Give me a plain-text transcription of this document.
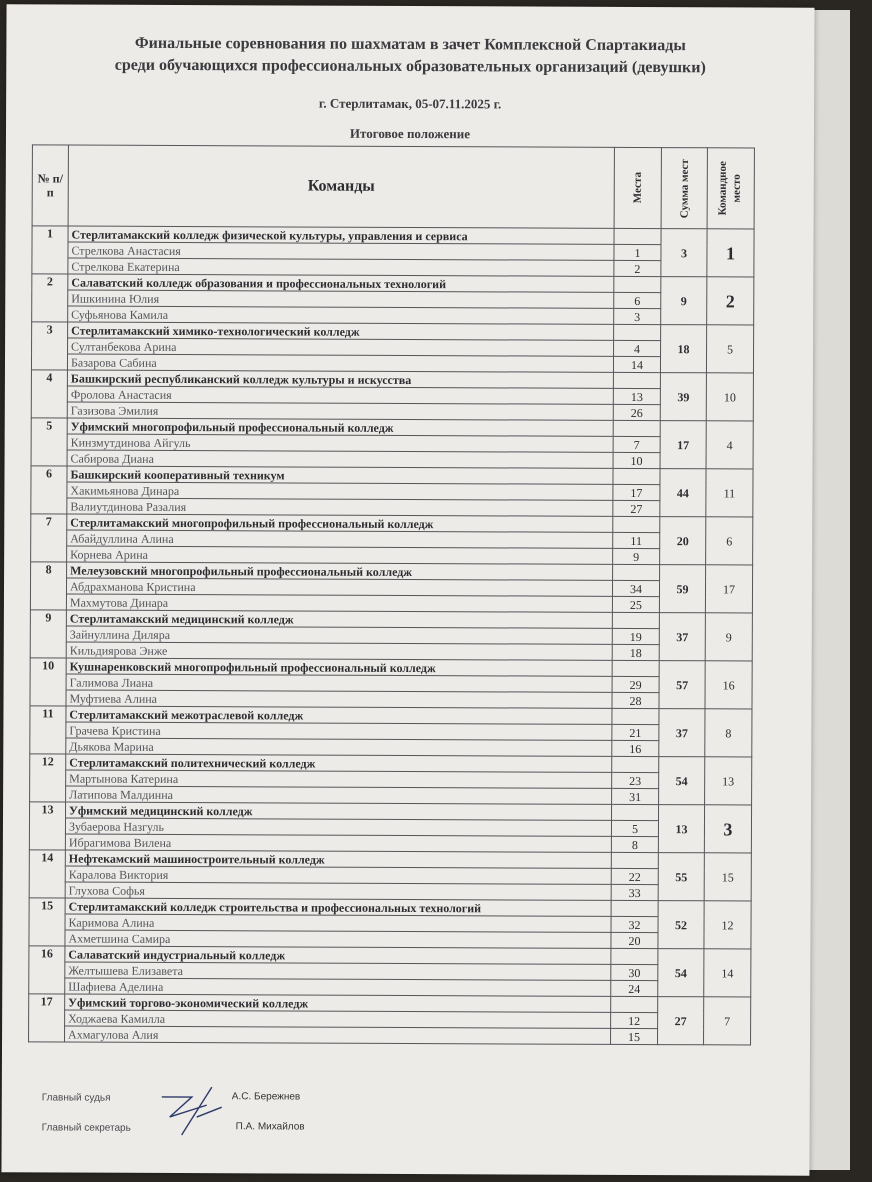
Финальные соревнования по шахматам в зачет Комплексной Спартакиады
среди обучающихся профессиональных образовательных организаций (девушки)
г. Стерлитамак, 05-07.11.2025 г.
Итоговое положение
№ п/п	Команды	Места	Сумма мест	Командное место

1	Стерлитамакский колледж физической культуры, управления и сервиса		3	1
	Стрелкова Анастасия	1		
	Стрелкова Екатерина	2		
2	Салаватский колледж образования и профессиональных технологий		9	2
	Ишкинина Юлия	6		
	Суфьянова Камила	3		
3	Стерлитамакский химико-технологический колледж		18	5
	Султанбекова Арина	4		
	Базарова Сабина	14		
4	Башкирский республиканский колледж культуры и искусства		39	10
	Фролова Анастасия	13		
	Газизова Эмилия	26		
5	Уфимский многопрофильный профессиональный колледж		17	4
	Кинзмутдинова Айгуль	7		
	Сабирова Диана	10		
6	Башкирский кооперативный техникум		44	11
	Хакимьянова Динара	17		
	Валиутдинова Разалия	27		
7	Стерлитамакский многопрофильный профессиональный колледж		20	6
	Абайдуллина Алина	11		
	Корнева Арина	9		
8	Мелеузовский многопрофильный профессиональный колледж		59	17
	Абдрахманова Кристина	34		
	Махмутова Динара	25		
9	Стерлитамакский медицинский колледж		37	9
	Зайнуллина Диляра	19		
	Кильдиярова Энже	18		
10	Кушнаренковский многопрофильный профессиональный колледж		57	16
	Галимова Лиана	29		
	Муфтиева Алина	28		
11	Стерлитамакский межотраслевой колледж		37	8
	Грачева Кристина	21		
	Дьякова Марина	16		
12	Стерлитамакский политехнический колледж		54	13
	Мартынова Катерина	23		
	Латипова Малдинна	31		
13	Уфимский медицинский колледж		13	3
	Зубаерова Назгуль	5		
	Ибрагимова Вилена	8		
14	Нефтекамский машиностроительный колледж		55	15
	Каралова Виктория	22		
	Глухова Софья	33		
15	Стерлитамакский колледж строительства и профессиональных технологий		52	12
	Каримова Алина	32		
	Ахметшина Самира	20		
16	Салаватский индустриальный колледж		54	14
	Желтышева Елизавета	30		
	Шафиева Аделина	24		
17	Уфимский торгово-экономический колледж		27	7
	Ходжаева Камилла	12		
	Ахмагулова Алия	15		
Главный судья	А.С. Бережнев
Главный секретарь	П.А. Михайлов
